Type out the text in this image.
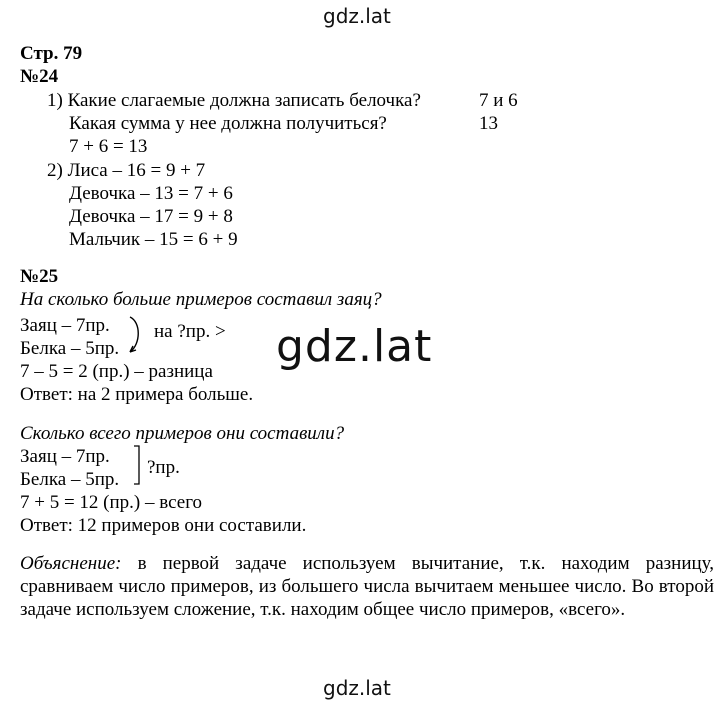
gdz.lat
Стр. 79
№24
1) Какие слагаемые должна записать белочка?	7 и 6
Какая сумма у нее должна получиться?	13
7 + 6 = 13
2) Лиса – 16 = 9 + 7
Девочка – 13 = 7 + 6
Девочка – 17 = 9 + 8
Мальчик – 15 = 6 + 9
№25
На сколько больше примеров составил заяц?
Заяц – 7пр.
Белка – 5пр.
на ?пр. >
7 – 5 = 2 (пр.) – разница
Ответ: на 2 примера больше.
gdz.lat
Сколько всего примеров они составили?
Заяц – 7пр.
Белка – 5пр.
?пр.
7 + 5 = 12 (пр.) – всего
Ответ: 12 примеров они составили.
Объяснение: в первой задаче используем вычитание, т.к. находим разницу, сравниваем число примеров, из большего числа вычитаем меньшее число. Во второй задаче используем сложение, т.к. находим общее число примеров, «всего».
gdz.lat
